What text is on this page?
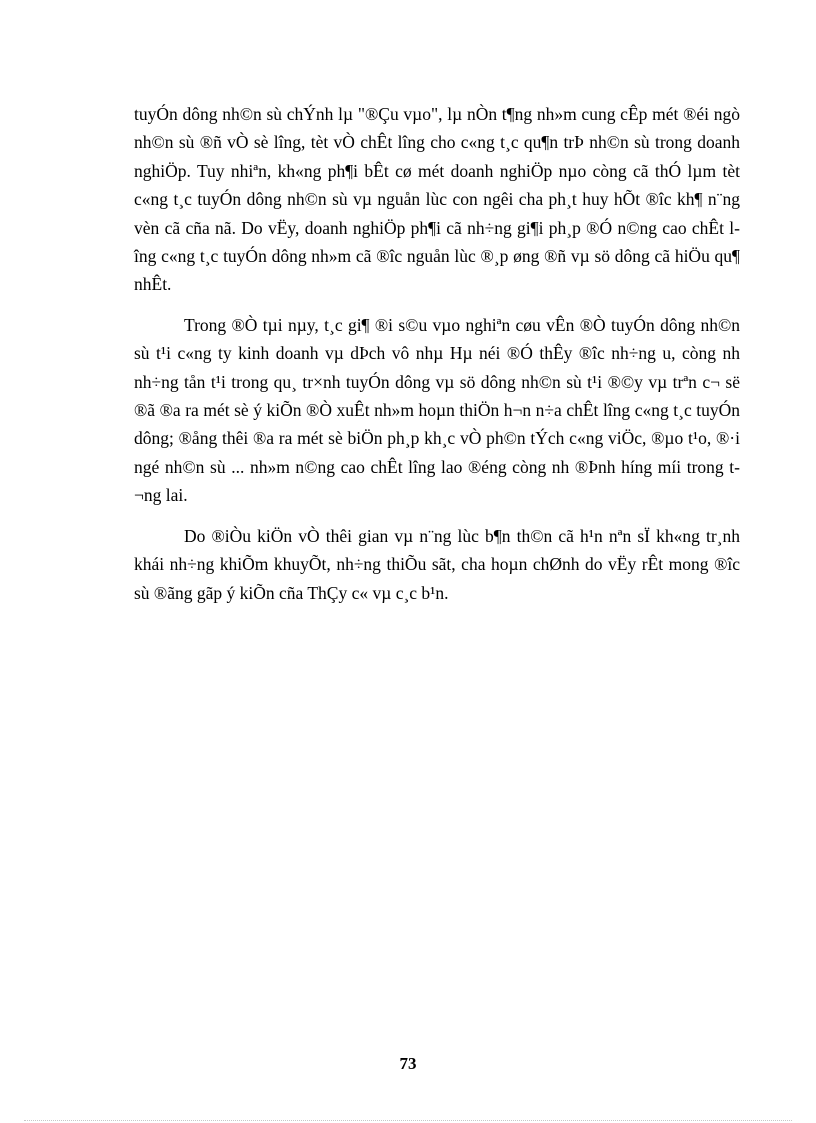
tuyÓn dông nh©n sù chÝnh lµ "®Çu vµo", lµ nÒn t¶ng nh»m cung cÊp mét ®éi ngò nh©n sù ®ñ vÒ sè lîng, tèt vÒ chÊt lîng cho c«ng t¸c qu¶n trÞ nh©n sù trong doanh nghiÖp. Tuy nhiªn, kh«ng ph¶i bÊt cø mét doanh nghiÖp nµo còng cã thÓ lµm tèt c«ng t¸c tuyÓn dông nh©n sù vµ nguån lùc con ngêi cha ph¸t huy hÕt ®îc kh¶ n¨ng vèn cã cña nã. Do vËy, doanh nghiÖp ph¶i cã nh÷ng gi¶i ph¸p ®Ó n©ng cao chÊt lîng c«ng t¸c tuyÓn dông nh»m cã ®îc nguån lùc ®¸p øng ®ñ vµ sö dông cã hiÖu qu¶ nhÊt.

Trong ®Ò tµi nµy, t¸c gi¶ ®i s©u vµo nghiªn cøu vÊn ®Ò tuyÓn dông nh©n sù t¹i c«ng ty kinh doanh vµ dÞch vô nhµ Hµ néi ®Ó thÊy ®îc nh÷ng u, còng nh nh÷ng tån t¹i trong qu¸ tr×nh tuyÓn dông vµ sö dông nh©n sù t¹i ®©y vµ trªn c¬ së ®ã ®a ra mét sè ý kiÕn ®Ò xuÊt nh»m hoµn thiÖn h¬n n÷a chÊt lîng c«ng t¸c tuyÓn dông; ®ång thêi ®a ra mét sè biÖn ph¸p kh¸c vÒ ph©n tÝch c«ng viÖc, ®µo t¹o, ®·i ngé nh©n sù ... nh»m n©ng cao chÊt lîng lao ®éng còng nh ®Þnh híng míi trong t¬ng lai.

Do ®iÒu kiÖn vÒ thêi gian vµ n¨ng lùc b¶n th©n cã h¹n nªn sÏ kh«ng tr¸nh khái nh÷ng khiÕm khuyÕt, nh÷ng thiÕu sãt, cha hoµn chØnh do vËy rÊt mong ®îc sù ®ãng gãp ý kiÕn cña ThÇy c« vµ c¸c b¹n.

73
